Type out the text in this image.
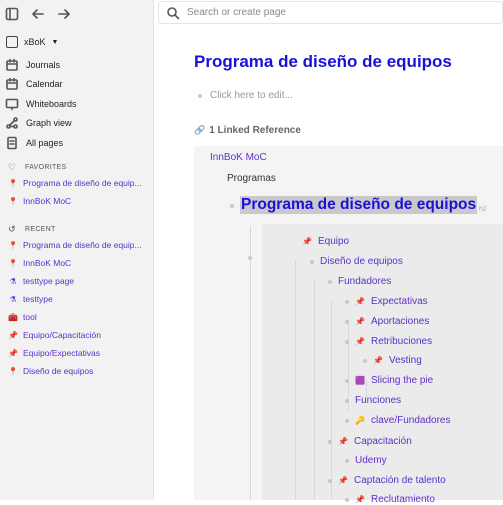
xBoK ▼
Journals
Calendar
Whiteboards
Graph view
All pages
♡	FAVORITES
📍 Programa de diseño de equip...
📍 InnBoK MoC
↺	RECENT
📍 Programa de diseño de equip...
📍 InnBoK MoC
⚗ testtype page
⚗ testtype
🧰 tool
📌 Equipo/Capacitación
📌 Equipo/Expectativas
📍 Diseño de equipos
Search or create page
Programa de diseño de equipos
Click here to edit...
🔗 1 Linked Reference
InnBoK MoC
Programas
Programa de diseño de equipos h2
📌 Equipo
Diseño de equipos
Fundadores
📌 Expectativas
📌 Aportaciones
📌 Retribuciones
📌 Vesting
🟪 Slicing the pie
Funciones
🔑 clave/Fundadores
📌 Capacitación
Udemy
📌 Captación de talento
📌 Reclutamiento
